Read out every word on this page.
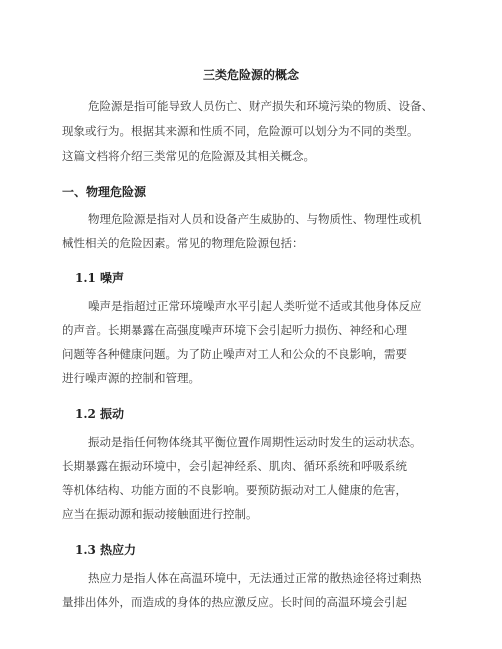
三类危险源的概念

危险源是指可能导致人员伤亡、财产损失和环境污染的物质、设备、

现象或行为。根据其来源和性质不同，危险源可以划分为不同的类型。

这篇文档将介绍三类常见的危险源及其相关概念。

一、物理危险源

物理危险源是指对人员和设备产生威胁的、与物质性、物理性或机

械性相关的危险因素。常见的物理危险源包括：

1.1 噪声

噪声是指超过正常环境噪声水平引起人类听觉不适或其他身体反应

的声音。长期暴露在高强度噪声环境下会引起听力损伤、神经和心理

问题等各种健康问题。为了防止噪声对工人和公众的不良影响，需要

进行噪声源的控制和管理。

1.2 振动

振动是指任何物体绕其平衡位置作周期性运动时发生的运动状态。

长期暴露在振动环境中，会引起神经系、肌肉、循环系统和呼吸系统

等机体结构、功能方面的不良影响。要预防振动对工人健康的危害，

应当在振动源和振动接触面进行控制。

1.3 热应力

热应力是指人体在高温环境中，无法通过正常的散热途径将过剩热

量排出体外，而造成的身体的热应激反应。长时间的高温环境会引起
